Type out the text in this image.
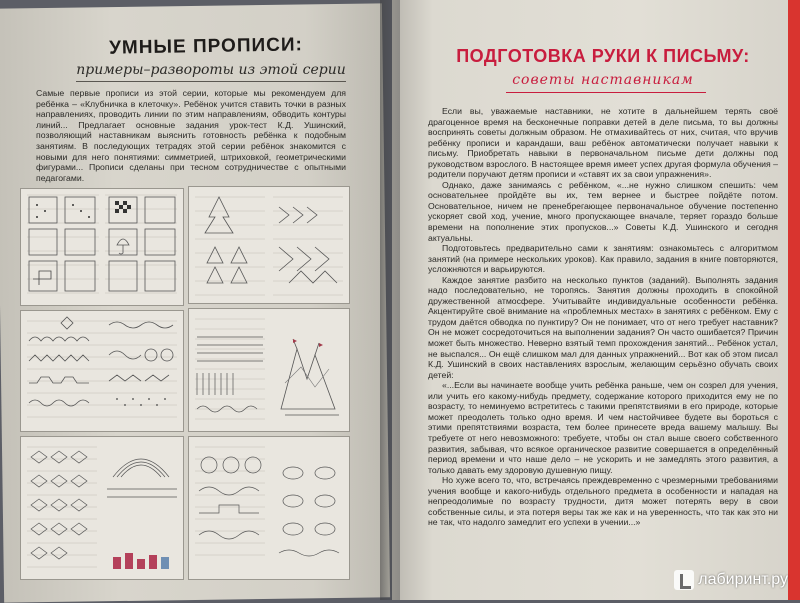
УМНЫЕ ПРОПИСИ:
примеры–развороты из этой серии
Самые первые прописи из этой серии, которые мы рекомендуем для ребёнка – «Клубничка в клеточку». Ребёнок учится ставить точки в разных направлениях, проводить линии по этим направлениям, обводить контуры линий... Предлагает основные задания урок-тест К.Д. Ушинский, позволяющий наставникам выяснить готовность ребёнка к подобным занятиям. В последующих тетрадях этой серии ребёнок знакомится с новыми для него понятиями: симметрией, штриховкой, геометрическими фигурами... Прописи сделаны при тесном сотрудничестве с опытными педагогами.
ПОДГОТОВКА РУКИ К ПИСЬМУ:
советы наставникам

Если вы, уважаемые наставники, не хотите в дальнейшем терять своё драгоценное время на бесконечные поправки детей в деле письма, то вы должны воспринять советы должным образом. Не отмахивайтесь от них, считая, что вручив ребёнку прописи и карандаши, ваш ребёнок автоматически получает навыки к письму. Приобретать навыки в первоначальном письме дети должны под руководством взрослого. В настоящее время имеет успех другая формула обучения – родители поручают детям прописи и «ставят их за свои упражнения».

Однако, даже занимаясь с ребёнком, «...не нужно слишком спешить: чем основательнее пройдёте вы их, тем вернее и быстрее пойдёте потом. Основательное, ничем не пренебрегающее первоначальное обучение постепенно ускоряет свой ход, учение, много пропускающее вначале, теряет гораздо больше времени на пополнение этих пропусков...» Советы К.Д. Ушинского и сегодня актуальны.

Подготовьтесь предварительно сами к занятиям: ознакомьтесь с алгоритмом занятий (на примере нескольких уроков). Как правило, задания в книге повторяются, усложняются и варьируются.

Каждое занятие разбито на несколько пунктов (заданий). Выполнять задания надо последовательно, не торопясь. Занятия должны проходить в спокойной дружественной атмосфере. Учитывайте индивидуальные особенности ребёнка. Акцентируйте своё внимание на «проблемных местах» в занятиях с ребёнком. Ему с трудом даётся обводка по пунктиру? Он не понимает, что от него требует наставник? Он не может сосредоточиться на выполнении задания? Он часто ошибается? Причин может быть множество. Неверно взятый темп прохождения занятий... Ребёнок устал, не выспался... Он ещё слишком мал для данных упражнений... Вот как об этом писал К.Д. Ушинский в своих наставлениях взрослым, желающим серьёзно обучать своих детей:

«...Если вы начинаете вообще учить ребёнка раньше, чем он созрел для учения, или учить его какому-нибудь предмету, содержание которого приходится ему не по возрасту, то неминуемо встретитесь с такими препятствиями в его природе, которые может преодолеть только одно время. И чем настойчивее будете вы бороться с этими препятствиями возраста, тем более принесете вреда вашему малышу. Вы требуете от него невозможного: требуете, чтобы он стал выше своего собственного развития, забывая, что всякое органическое развитие совершается в определённый период времени и что наше дело – не ускорить и не замедлять этого развития, а только давать ему здоровую душевную пищу.

Но хуже всего то, что, встречаясь преждевременно с чрезмерными требованиями учения вообще и какого-нибудь отдельного предмета в особенности и нападая на непреодолимые по возрасту трудности, дитя может потерять веру в свои собственные силы, и эта потеря веры так же как и на уверенность, что так как это ни не так, что надолго замедлит его успехи в учении...»

лабиринт.ру
